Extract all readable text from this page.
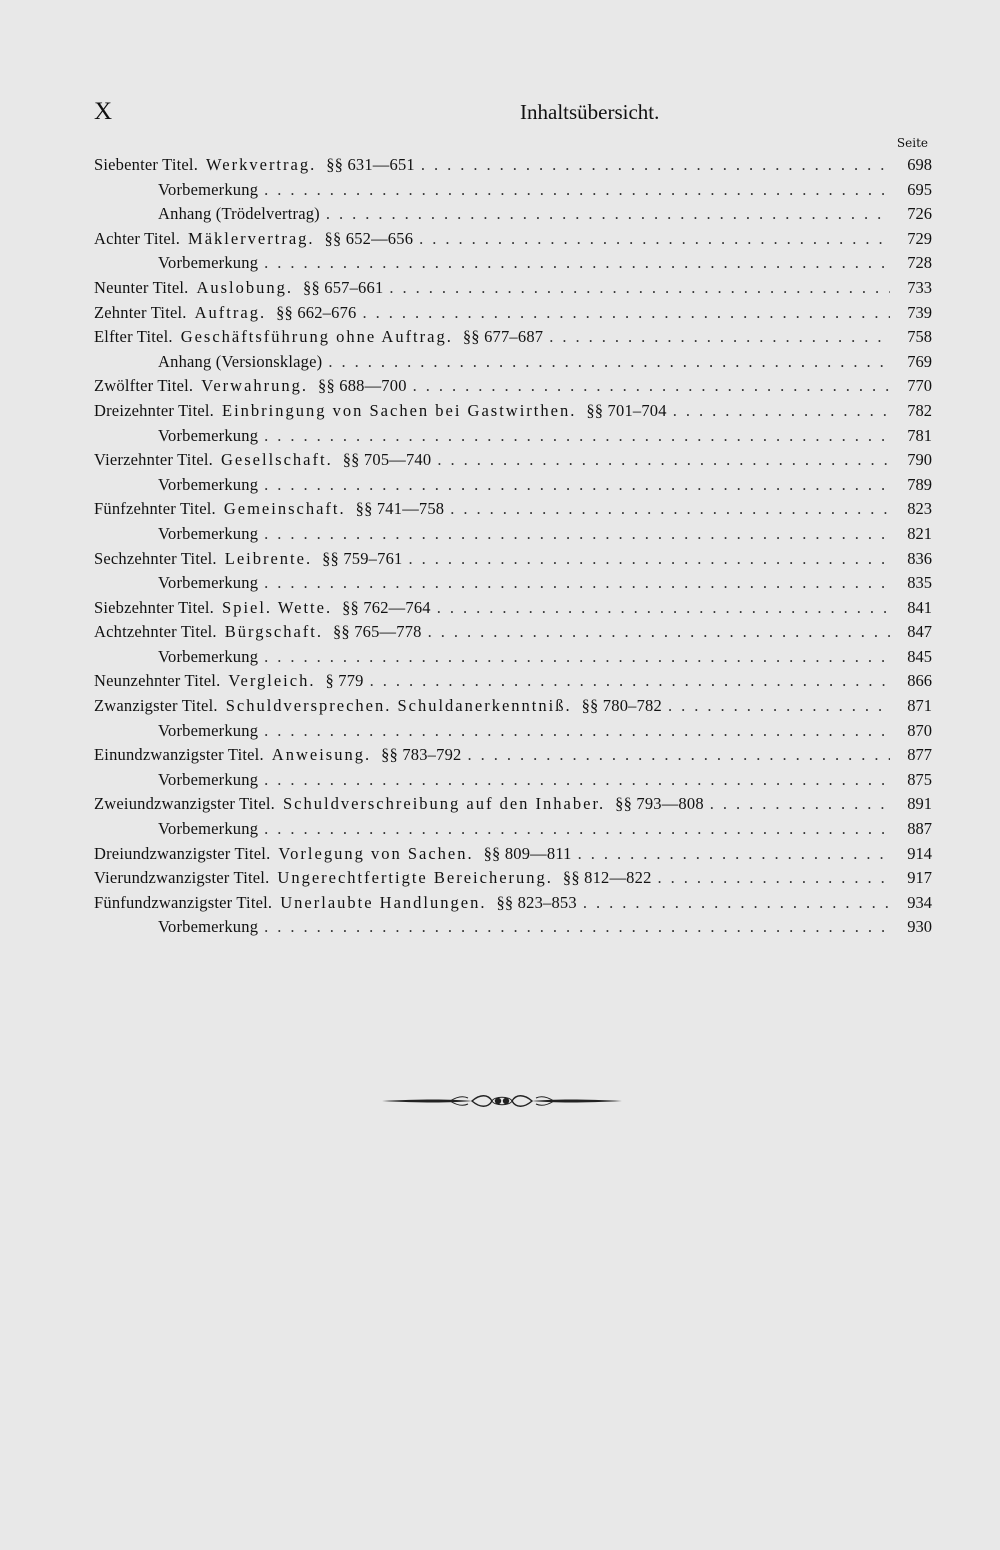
X	Inhaltsübersicht.
Seite
Siebenter Titel. Werkvertrag. §§ 631—651 .....	698
Vorbemerkung .....	695
Anhang (Trödelvertrag) .....	726
Achter Titel. Mäklervertrag. §§ 652—656 .....	729
Vorbemerkung .....	728
Neunter Titel. Auslobung. §§ 657–661 .....	733
Zehnter Titel. Auftrag. §§ 662–676 .....	739
Elfter Titel. Geschäftsführung ohne Auftrag. §§ 677–687 .....	758
Anhang (Versionsklage) .....	769
Zwölfter Titel. Verwahrung. §§ 688—700 .....	770
Dreizehnter Titel. Einbringung von Sachen bei Gastwirthen. §§ 701–704 .....	782
Vorbemerkung .....	781
Vierzehnter Titel. Gesellschaft. §§ 705—740 .....	790
Vorbemerkung .....	789
Fünfzehnter Titel. Gemeinschaft. §§ 741—758 .....	823
Vorbemerkung .....	821
Sechzehnter Titel. Leibrente. §§ 759–761 .....	836
Vorbemerkung .....	835
Siebzehnter Titel. Spiel. Wette. §§ 762—764 .....	841
Achtzehnter Titel. Bürgschaft. §§ 765—778 .....	847
Vorbemerkung .....	845
Neunzehnter Titel. Vergleich. § 779 .....	866
Zwanzigster Titel. Schuldversprechen. Schuldanerkenntniß. §§ 780–782 .....	871
Vorbemerkung .....	870
Einundzwanzigster Titel. Anweisung. §§ 783–792 .....	877
Vorbemerkung .....	875
Zweiundzwanzigster Titel. Schuldverschreibung auf den Inhaber. §§ 793—808 .....	891
Vorbemerkung .....	887
Dreiundzwanzigster Titel. Vorlegung von Sachen. §§ 809—811 .....	914
Vierundzwanzigster Titel. Ungerechtfertigte Bereicherung. §§ 812—822 .....	917
Fünfundzwanzigster Titel. Unerlaubte Handlungen. §§ 823–853 .....	934
Vorbemerkung .....	930
